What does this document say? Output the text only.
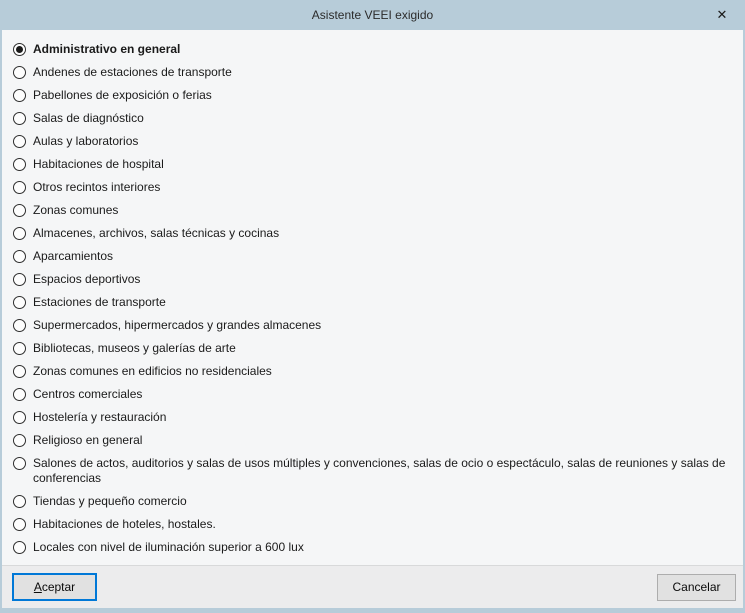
Asistente VEEI exigido	✕
Administrativo en general
Andenes de estaciones de transporte
Pabellones de exposición o ferias
Salas de diagnóstico
Aulas y laboratorios
Habitaciones de hospital
Otros recintos interiores
Zonas comunes
Almacenes, archivos, salas técnicas y cocinas
Aparcamientos
Espacios deportivos
Estaciones de transporte
Supermercados, hipermercados y grandes almacenes
Bibliotecas, museos y galerías de arte
Zonas comunes en edificios no residenciales
Centros comerciales
Hostelería y restauración
Religioso en general
Salones de actos, auditorios y salas de usos múltiples y convenciones, salas de ocio o espectáculo, salas de reuniones y salas de conferencias
Tiendas y pequeño comercio
Habitaciones de hoteles, hostales.
Locales con nivel de iluminación superior a 600 lux
Aceptar	Cancelar
